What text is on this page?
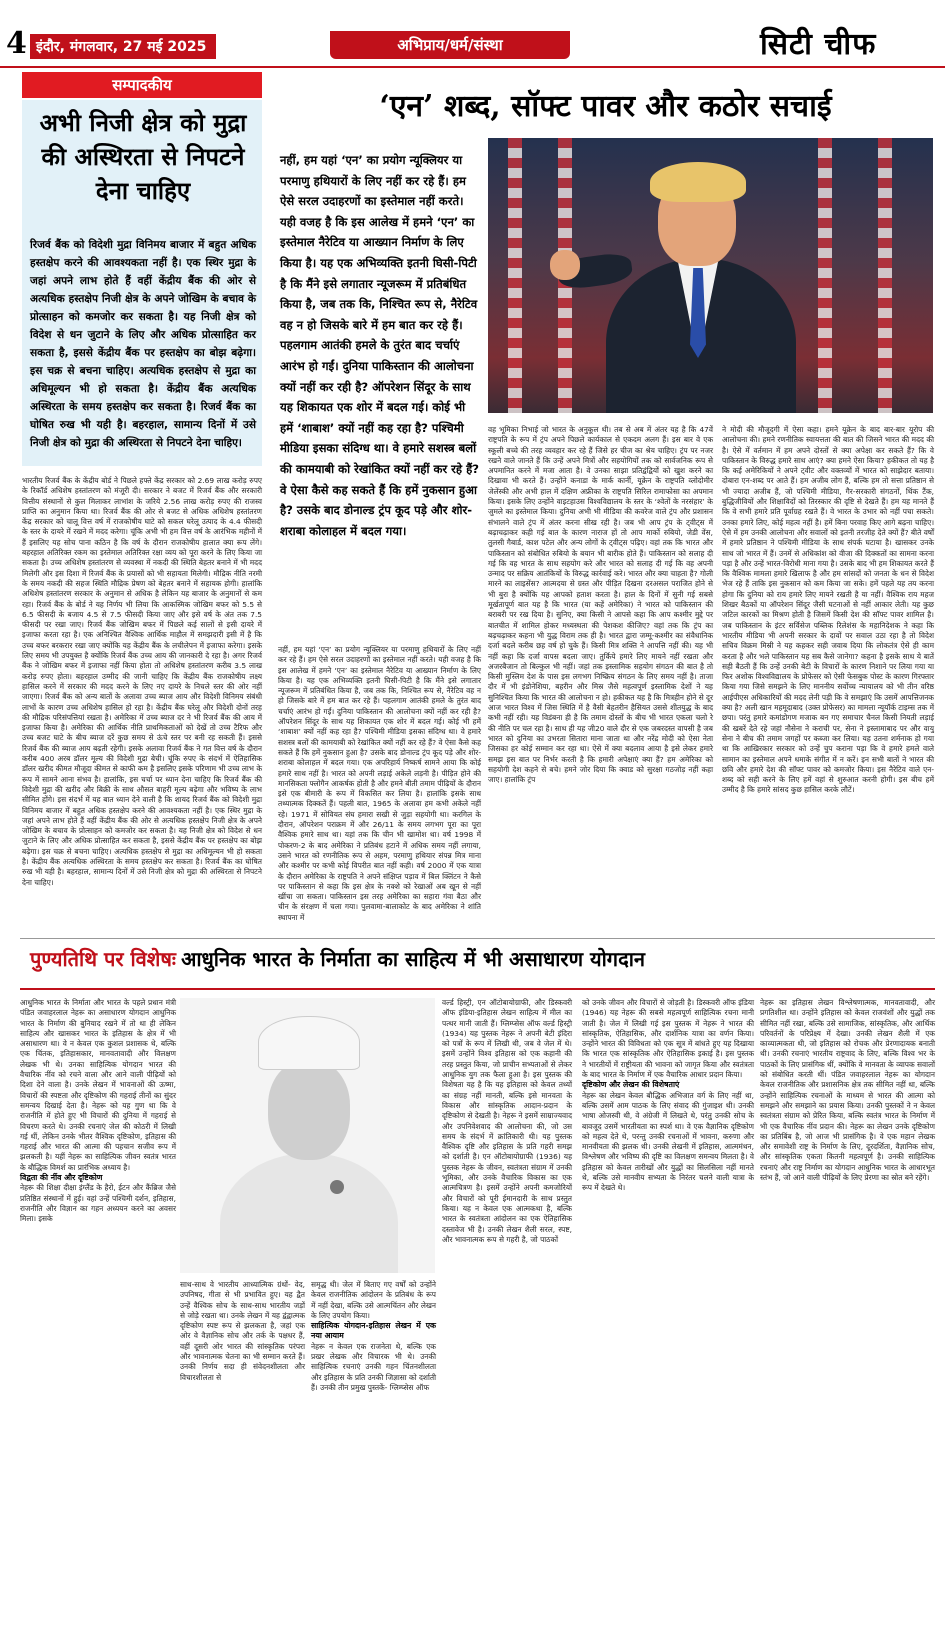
4 इंदौर, मंगलवार, 27 मई 2025	अभिप्राय/धर्म/संस्था	सिटी चीफ
सम्पादकीय
अभी निजी क्षेत्र को मुद्रा की अस्थिरता से निपटने देना चाहिए
रिजर्व बैंक को विदेशी मुद्रा विनिमय बाजार में बहुत अधिक हस्तक्षेप करने की आवश्यकता नहीं है। एक स्थिर मुद्रा के जहां अपने लाभ होते हैं वहीं केंद्रीय बैंक की ओर से अत्यधिक हस्तक्षेप निजी क्षेत्र के अपने जोखिम के बचाव के प्रोत्साहन को कमजोर कर सकता है। यह निजी क्षेत्र को विदेश से धन जुटाने के लिए और अधिक प्रोत्साहित कर सकता है, इससे केंद्रीय बैंक पर हस्तक्षेप का बोझ बढ़ेगा। इस चक्र से बचना चाहिए। अत्यधिक हस्तक्षेप से मुद्रा का अधिमूल्यन भी हो सकता है। केंद्रीय बैंक अत्यधिक अस्थिरता के समय हस्तक्षेप कर सकता है। रिजर्व बैंक का घोषित रुख भी यही है। बहरहाल, सामान्य दिनों में उसे निजी क्षेत्र को मुद्रा की अस्थिरता से निपटने देना चाहिए।
भारतीय रिजर्व बैंक के केंद्रीय बोर्ड ने पिछले हफ्ते केंद्र सरकार को 2.69 लाख करोड़ रुपए के रिकॉर्ड अधिशेष हस्तांतरण को मंजूरी दी। सरकार ने बजट में रिजर्व बैंक और सरकारी वित्तीय संस्थानों से कुल मिलाकर लाभांश के जरिये 2.56 लाख करोड़ रुपए की राजस्व प्राप्ति का अनुमान किया था। रिजर्व बैंक की ओर से बजट से अधिक अधिशेष हस्तांतरण केंद्र सरकार को चालू वित्त वर्ष में राजकोषीय घाटे को सकल घरेलू उत्पाद के 4.4 फीसदी के स्तर के दायरे में रखने में मदद करेगा। चूंकि अभी भी हम वित्त वर्ष के आरंभिक महीनों में हैं इसलिए यह सोच पाना कठिन है कि वर्ष के दौरान राजकोषीय हालात क्या रूप लेंगे। बहरहाल अतिरिक्त रकम का इस्तेमाल अतिरिक्त रक्षा व्यय को पूरा करने के लिए किया जा सकता है। उच्च अधिशेष हस्तांतरण से व्यवस्था में नकदी की स्थिति बेहतर बनाने में भी मदद मिलेगी और इस दिशा में रिजर्व बैंक के प्रयासों को भी सहायता मिलेगी। मौद्रिक नीति नरमी के समय नकदी की सहज स्थिति मौद्रिक प्रेषण को बेहतर बनाने में सहायक होगी। हालांकि अधिशेष हस्तांतरण सरकार के अनुमान से अधिक है लेकिन यह बाजार के अनुमानों से कम रहा। रिजर्व बैंक के बोर्ड ने यह निर्णय भी लिया कि आकस्मिक जोखिम बफर को 5.5 से 6.5 फीसदी के बजाय 4.5 से 7.5 फीसदी किया जाए और इसे वर्ष के अंत तक 7.5 फीसदी पर रखा जाए। रिजर्व बैंक जोखिम बफर में पिछले कई सालों से इसी दायरे में इजाफा करता रहा है। एक अनिश्चित वैश्विक आर्थिक माहौल में समझदारी इसी में है कि उच्च बफर बरकरार रखा जाए क्योंकि यह केंद्रीय बैंक के लचीलेपन में इजाफा करेगा। इसके लिए समय भी उपयुक्त है क्योंकि रिजर्व बैंक उच्च आय की जानकारी दे रहा है। अगर रिजर्व बैंक ने जोखिम बफर में इजाफा नहीं किया होता तो अधिशेष हस्तांतरण करीब 3.5 लाख करोड़ रुपए होता। बहरहाल उम्मीद की जानी चाहिए कि केंद्रीय बैंक राजकोषीय लक्ष्य हासिल करने में सरकार की मदद करने के लिए नए दायरे के निचले स्तर की ओर नहीं जाएगा। रिजर्व बैंक को अन्य बातों के अलावा उच्च ब्याज आय और विदेशी विनिमय संबंधी लाभों के कारण उच्च अधिशेष हासिल हो रहा है। केंद्रीय बैंक घरेलू और विदेशी दोनों तरह की मौद्रिक परिसंपत्तियां रखता है। अमेरिका में उच्च ब्याज दर ने भी रिजर्व बैंक की आय में इजाफा किया है। अमेरिका की आर्थिक नीति प्राथमिकताओं को देखें तो उच्च टैरिफ और उच्च बजट घाटे के बीच ब्याज दरें कुछ समय से ऊंचे स्तर पर बनी रह सकती हैं। इससे रिजर्व बैंक की ब्याज आय बढ़ती रहेगी। इसके अलावा रिजर्व बैंक ने गत वित्त वर्ष के दौरान करीब 400 अरब डॉलर मूल्य की विदेशी मुद्रा बेची। चूंकि रुपए के संदर्भ में ऐतिहासिक डॉलर खरीद कीमत मौजूदा कीमत से काफी कम है इसलिए इसके परिणाम भी उच्च लाभ के रूप में सामने आना संभव है। हालांकि, इस चर्चा पर ध्यान देना चाहिए कि रिजर्व बैंक की विदेशी मुद्रा की खरीद और बिक्री के साथ औसत बाहरी मूल्य बढ़ेगा और भविष्य के लाभ सीमित होंगे। इस संदर्भ में यह बात ध्यान देने वाली है कि शायद रिजर्व बैंक को विदेशी मुद्रा विनिमय बाजार में बहुत अधिक हस्तक्षेप करने की आवश्यकता नहीं है। एक स्थिर मुद्रा के जहां अपने लाभ होते हैं वहीं केंद्रीय बैंक की ओर से अत्यधिक हस्तक्षेप निजी क्षेत्र के अपने जोखिम के बचाव के प्रोत्साहन को कमजोर कर सकता है। यह निजी क्षेत्र को विदेश से धन जुटाने के लिए और अधिक प्रोत्साहित कर सकता है, इससे केंद्रीय बैंक पर हस्तक्षेप का बोझ बढ़ेगा। इस चक्र से बचना चाहिए। अत्यधिक हस्तक्षेप से मुद्रा का अधिमूल्यन भी हो सकता है। केंद्रीय बैंक अत्यधिक अस्थिरता के समय हस्तक्षेप कर सकता है। रिजर्व बैंक का घोषित रुख भी यही है। बहरहाल, सामान्य दिनों में उसे निजी क्षेत्र को मुद्रा की अस्थिरता से निपटने देना चाहिए।
‘एन’ शब्द, सॉफ्ट पावर और कठोर सचाई
नहीं, हम यहां ‘एन’ का प्रयोग न्यूक्लियर या परमाणु हथियारों के लिए नहीं कर रहे हैं। हम ऐसे सरल उदाहरणों का इस्तेमाल नहीं करते। यही वजह है कि इस आलेख में हमने ‘एन’ का इस्तेमाल नैरेटिव या आख्यान निर्माण के लिए किया है। यह एक अभिव्यक्ति इतनी घिसी-पिटी है कि मैंने इसे लगातार न्यूजरूम में प्रतिबंधित किया है, जब तक कि, निश्चित रूप से, नैरेटिव वह न हो जिसके बारे में हम बात कर रहे हैं। पहलगाम आतंकी हमले के तुरंत बाद चर्चाएं आरंभ हो गईं। दुनिया पाकिस्तान की आलोचना क्यों नहीं कर रही है? ऑपरेशन सिंदूर के साथ यह शिकायत एक शोर में बदल गई। कोई भी हमें ‘शाबाश’ क्यों नहीं कह रहा है? पश्चिमी मीडिया इसका संदिग्ध था। वे हमारे सशस्त्र बलों की कामयाबी को रेखांकित क्यों नहीं कर रहे हैं? वे ऐसा कैसे कह सकते हैं कि हमें नुकसान हुआ है? उसके बाद डोनाल्ड ट्रंप कूद पड़े और शोर-शराबा कोलाहल में बदल गया।
नहीं, हम यहां ‘एन’ का प्रयोग न्यूक्लियर या परमाणु हथियारों के लिए नहीं कर रहे हैं। हम ऐसे सरल उदाहरणों का इस्तेमाल नहीं करते। यही वजह है कि इस आलेख में हमने ‘एन’ का इस्तेमाल नैरेटिव या आख्यान निर्माण के लिए किया है। यह एक अभिव्यक्ति इतनी घिसी-पिटी है कि मैंने इसे लगातार न्यूजरूम में प्रतिबंधित किया है, जब तक कि, निश्चित रूप से, नैरेटिव वह न हो जिसके बारे में हम बात कर रहे हैं। पहलगाम आतंकी हमले के तुरंत बाद चर्चाएं आरंभ हो गईं। दुनिया पाकिस्तान की आलोचना क्यों नहीं कर रही है? ऑपरेशन सिंदूर के साथ यह शिकायत एक शोर में बदल गई। कोई भी हमें ‘शाबाश’ क्यों नहीं कह रहा है? पश्चिमी मीडिया इसका संदिग्ध था। वे हमारे सशस्त्र बलों की कामयाबी को रेखांकित क्यों नहीं कर रहे हैं? वे ऐसा कैसे कह सकते हैं कि हमें नुकसान हुआ है? उसके बाद डोनाल्ड ट्रंप कूद पड़े और शोर-शराबा कोलाहल में बदल गया। एक अपरिहार्य निष्कर्ष सामने आया कि कोई हमारे साथ नहीं है। भारत को अपनी लड़ाई अकेले लड़नी है। पीड़ित होने की मानसिकता फ्लोगैन आकर्षक होती है और हमने बीती तमाम पीढ़ियों के दौरान इसे एक बीमारी के रूप में विकसित कर लिया है। हालांकि इसके साथ तथ्यात्मक दिक्कतें हैं। पहली बात, 1965 के अलावा हम कभी अकेले नहीं रहे। 1971 में सोवियत संघ हमारा सखी से जुड़ा सहयोगी था। करगिल के दौरान, ऑपरेशन पराक्रम में और 26/11 के समय लगभग पूरा का पूरा वैश्विक हमारे साथ था। यहां तक कि चीन भी खामोश था। वर्ष 1998 में पोकरण-2 के बाद अमेरिका ने प्रतिबंध हटाने में अधिक समय नहीं लगाया, उसने भारत को रणनीतिक रूप से अहम, परमाणु हथियार संपन्न मित्र माना और कश्मीर पर कभी कोई विपरीत बात नहीं कही। वर्ष 2000 में एक यात्रा के दौरान अमेरिका के राष्ट्रपति ने अपने संक्षिप्त पड़ाव में बिल क्लिंटन ने कैसे पर पाकिस्तान से कहा कि इस क्षेत्र के नक्शे को रेखाओं अब खून से नहीं खींचा जा सकता। पाकिस्तान इस तरह अमेरिका का सहारा गंवा बैठा और चीन के संरक्षण में चला गया। पुलवामा-बालाकोट के बाद अमेरिका ने शांति स्थापना में
वह भूमिका निभाई जो भारत के अनुकूल थी। तब से अब में अंतर यह है कि 47वें राष्ट्रपति के रूप में ट्रंप अपने पिछले कार्यकाल से एकदम अलग हैं। इस बार वे एक स्कूली बच्चे की तरह व्यवहार कर रहे हैं जिसे हर चीज का श्रेय चाहिए। ट्रंप पर नजर रखने वाले जानते हैं कि उन्हें अपने मित्रों और सहयोगियों तक को सार्वजनिक रूप से अपमानित करने में मजा आता है। वे उनका साझा प्रतिद्वंद्वियों को खुश करने का दिखावा भी करते हैं। उन्होंने कनाडा के मार्क कार्नी, यूक्रेन के राष्ट्रपति व्लोदोमीर जेलेंस्की और अभी हाल में दक्षिण अफ्रीका के राष्ट्रपति सिरिल रामाफोसा का अपमान किया। इसके लिए उन्होंने वाइटहाउस विश्वविद्यालय के स्तर के ‘श्वेतों के नरसंहार’ के जुमले का इस्तेमाल किया। दुनिया अभी भी मीडिया की कवरेज वाले ट्रंप और प्रशासन संभालने वाले ट्रंप में अंतर करना सीख रही है। जब भी आप ट्रंप के ट्वीट्स में बढ़ाचढ़ाकर कही गई बात के कारण नाराज हों तो आप मार्को रुबियो, जेडी वेंस, तुलसी गैबार्ड, काश पटेल और अन्य लोगों के ट्वीट्स पढ़िए। वहां तक कि भारत और पाकिस्तान को संबोधित रुबियो के बयान भी बारीक होते हैं। पाकिस्तान को सलाह दी गई कि वह भारत के साथ सहयोग करे और भारत को सलाह दी गई कि वह अपनी उन्माद पर सक्रिय आतंकियों के विरुद्ध कार्रवाई करे। भारत और क्या चाहता है? गोली मारने का लाइसेंस? आत्मदया से ग्रस्त और पीड़ित दिखना दरअसल पराजित होने से भी बुरा है क्योंकि यह आपको हताश करता है। हाल के दिनों में सुनी गई सबसे मूर्खतापूर्ण बात यह है कि भारत (या कहें अमेरिका) ने भारत को पाकिस्तान की बराबरी पर रख दिया है। सुनिए, क्या किसी ने आपसे कहा कि आप कश्मीर मुद्दे पर बातचीत में शामिल होकर मध्यस्थता की पेशकश कीजिए? वहां तक कि ट्रंप का बढ़चढ़ाकर कहना भी युद्ध विराम तक ही है। भारत द्वारा जम्मू-कश्मीर का संवैधानिक दर्जा बदले करीब छह वर्ष हो चुके हैं। किसी मित्र शक्ति ने आपत्ति नहीं की। यह भी नहीं कहा कि दर्जा वापस बदला जाए। तुर्किये हमारे लिए मायने नहीं रखता और अजरबैजान तो बिल्कुल भी नहीं। जहां तक इस्लामिक सहयोग संगठन की बात है तो किसी मुस्लिम देश के पास इस लगभग निष्क्रिय संगठन के लिए समय नहीं है। ताजा दौर में भी इंडोनेशिया, बहरीन और मिस्र जैसे महत्वपूर्ण इस्लामिक देशों ने यह सुनिश्चित किया कि भारत की आलोचना न हो। हकीकत यह है कि मित्रहीन होने से दूर आज भारत विश्व में जिस स्थिति में है वैसी बेहतरीन हैसियत उससे शीतयुद्ध के बाद कभी नहीं रही। यह विडंबना ही है कि तमाम दोस्तों के बीच भी भारत एकला चलो रे की नीति पर चल रहा है। साथ ही यह जी20 वाले दौर से एक जबरदस्त वापसी है जब भारत को दुनिया का उभरता सितारा माना जाता था और नरेंद्र मोदी को ऐसा नेता जिसका हर कोई सम्मान कर रहा था। ऐसे में क्या बदलाव आया है इसे लेकर हमारे समझ इस बात पर निर्भर करती है कि हमारी अपेक्षाएं क्या हैं? हम अमेरिका को सहयोगी देश कहने से बचे। हमने जोर दिया कि क्वाड को सुरक्षा गठजोड़ नहीं कहा जाए। हालांकि ट्रंप
ने मोदी की मौजूदगी में ऐसा कहा। हमने यूक्रेन के बाद बार-बार यूरोप की आलोचना की। हमने रणनीतिक स्वायत्तता की बात की जिसने भारत की मदद की है। ऐसे में वर्तमान में हम अपने दोस्तों से क्या अपेक्षा कर सकते हैं? कि वे पाकिस्तान के विरुद्ध हमारे साथ आएं? क्या हमने ऐसा किया? हकीकत तो यह है कि कई अमेरिकियों ने अपने ट्वीट और वक्तव्यों में भारत को साझेदार बताया। दोबारा एन-शब्द पर आते हैं। हम अजीब लोग हैं, बल्कि हम तो सत्ता प्रतिष्ठान से भी ज्यादा अजीब हैं, जो पश्चिमी मीडिया, गैर-सरकारी संगठनों, थिंक टैंक, बुद्धिजीवियों और शिक्षाविदों को तिरस्कार की दृष्टि से देखते हैं। हम यह मानते हैं कि वे सभी हमारे प्रति पूर्वाग्रह रखते हैं। वे भारत के उभार को नहीं पचा सकते। उनका हमारे लिए, कोई महत्व नहीं है। हमें बिना परवाह किए आगे बढ़ना चाहिए। ऐसे में हम उनकी आलोचना और सवालों को इतनी तरजीह देते क्यों हैं? बीते वर्षों में हमारे प्रतिष्ठान ने पश्चिमी मीडिया के साथ संपर्क घटाया है। खासकर उनके साथ जो भारत में हैं। उनमें से अधिकांश को वीजा की दिक्कतों का सामना करना पड़ा है और उन्हें भारत-विरोधी माना गया है। उसके बाद भी हम शिकायत करते हैं कि वैश्विक मामला हमारे खिलाफ है और हम सांसदों को जनता के धन से विदेश भेज रहे हैं ताकि इस नुकसान को कम किया जा सके। हमें पहले यह तय करना होगा कि दुनिया को राय हमारे लिए मायने रखती है या नहीं। वैश्विक राय महज शिखर बैठकों या ऑपरेशन सिंदूर जैसी घटनाओं से नहीं आकार लेती। यह कुछ जटिल कारकों का मिश्रण होती है जिसमें किसी देश की सॉफ्ट पावर शामिल है। जब पाकिस्तान के इंटर सर्विसेज पब्लिक रिलेशंस के महानिदेशक ने कहा कि भारतीय मीडिया भी अपनी सरकार के दावों पर सवाल उठा रहा है तो विदेश सचिव विक्रम मिस्री ने यह कहकर सही जवाब दिया कि लोकतंत्र ऐसे ही काम करता है और भले पाकिस्तान यह सब कैसे जानेगा? कहना है इसके साथ ये बातें सही बैठती हैं कि उन्हें उनकी बेटी के विचारों के कारण निशाने पर लिया गया या फिर अशोक विश्वविद्यालय के प्रोफेसर को ऐसी फेसबुक पोस्ट के कारण गिरफ्तार किया गया जिसे समझने के लिए माननीय सर्वोच्च न्यायालय को भी तीन वरिष्ठ आईपीएस अधिकारियों की मदद लेनी पड़ी कि वे समझाएं कि उसमें आपत्तिजनक क्या है? अली खान महमूदाबाद (उक्त प्रोफेसर) का मामला न्यूयॉर्क टाइम्स तक में छपा। परंतु हमारे कमांडोगण मजाक बन गए समाचार चैनल किसी नियती लड़ाई की खबरें देते रहे जहां नौसेना ने कराची पर, सेना ने इस्लामाबाद पर और वायु सेना ने बीच की तमाम जगहों पर कब्जा कर लिया। यह उतना शर्मनाक हो गया था कि आखिरकार सरकार को उन्हें चुप कराना पड़ा कि वे हमारे हमले वाले सामान का इस्तेमाल अपने धमाके संगीत में न करें। इन सभी बातों ने भारत की छवि और हमारे देश की सॉफ्ट पावर को कमजोर किया। इस नैरेटिव वाले एन-शब्द को सही करने के लिए हमें वहां से शुरुआत करनी होगी। इस बीच हमें उम्मीद है कि हमारे सांसद कुछ हासिल करके लौटें।
पुण्यतिथि पर विशेषः आधुनिक भारत के निर्माता का साहित्य में भी असाधारण योगदान
आधुनिक भारत के निर्माता और भारत के पहले प्रधान मंत्री पंडित जवाहरलाल नेहरू का असाधारण योगदान आधुनिक भारत के निर्माण की बुनियाद रखने में तो था ही लेकिन साहित्य और खासकर भारत के इतिहास के क्षेत्र में भी असाधारण था। वे न केवल एक कुशल प्रशासक थे, बल्कि एक चिंतक, इतिहासकार, मानवतावादी और विलक्षण लेखक भी थे। उनका साहित्यिक योगदान भारत की वैचारिक नींव को रचने वाला और आने वाली पीढ़ियों को दिशा देने वाला है। उनके लेखन में भावनाओं की ऊष्मा, विचारों की स्पष्टता और दृष्टिकोण की गहराई तीनों का सुंदर समन्वय दिखाई देता है। नेहरू को यह गुण था कि वे राजनीति में होते हुए भी विचारों की दुनिया में गहराई से विचरण करते थे। उनकी रचनाएं जेल की कोठरी में लिखी गई थीं, लेकिन उनके भीतर वैश्विक दृष्टिकोण, इतिहास की गहराई और भारत की आत्मा की पहचान सजीव रूप में झलकती है। यहीं नेहरू का साहित्यिक जीवन स्वतंत्र भारत के बौद्धिक विमर्श का प्रारंभिक अध्याय है।
विद्वता की नींव और दृष्टिकोण
नेहरू की शिक्षा दीक्षा इंग्लैंड के हैरो, ईटन और कैंब्रिज जैसे प्रतिष्ठित संस्थानों में हुई। वहां उन्हें पश्चिमी दर्शन, इतिहास, राजनीति और विज्ञान का गहन अध्ययन करने का अवसर मिला। इसके
साथ-साथ वे भारतीय आध्यात्मिक ग्रंथों- वेद, उपनिषद, गीता से भी प्रभावित हुए। यह द्वैत उन्हें वैश्विक सोच के साथ-साथ भारतीय जड़ों से जोड़े रखता था। उनके लेखन में यह द्वंद्वात्मक दृष्टिकोण स्पष्ट रूप से झलकता है, जहां एक ओर वे वैज्ञानिक सोच और तर्क के पक्षधर हैं, वहीं दूसरी ओर भारत की सांस्कृतिक परंपरा और भावनात्मक चेतना का भी सम्मान करते हैं। उनकी निर्णय सदा ही संवेदनशीलता और विचारशीलता से
समृद्ध थी। जेल में बिताए गए वर्षों को उन्होंने केवल राजनीतिक आंदोलन के प्रतिबंध के रूप में नहीं देखा, बल्कि उसे आत्मचिंतन और लेखन के लिए उपयोग किया।
साहित्यिक योगदान-इतिहास लेखन में एक नया आयाम
नेहरू न केवल एक राजनेता थे, बल्कि एक प्रखर लेखक और विचारक भी थे। उनकी साहित्यिक रचनाएं उनकी गहन चिंतनशीलता और इतिहास के प्रति उनकी जिज्ञासा को दर्शाती हैं। उनकी तीन प्रमुख पुस्तकें- ग्लिम्प्सेस ऑफ
वर्ल्ड हिस्ट्री, एन ऑटोबायोग्राफी, और डिस्कवरी ऑफ इंडिया-इतिहास लेखन साहित्य में मील का पत्थर मानी जाती हैं। ग्लिम्प्सेस ऑफ वर्ल्ड हिस्ट्री (1934) यह पुस्तक नेहरू ने अपनी बेटी इंदिरा को पत्रों के रूप में लिखी थी, जब वे जेल में थे। इसमें उन्होंने विश्व इतिहास को एक कहानी की तरह प्रस्तुत किया, जो प्राचीन सभ्यताओं से लेकर आधुनिक युग तक फैला हुआ है। इस पुस्तक की विशेषता यह है कि यह इतिहास को केवल तथ्यों का संग्रह नहीं मानती, बल्कि इसे मानवता के विकास और सांस्कृतिक आदान-प्रदान के दृष्टिकोण से देखती है। नेहरू ने इसमें साम्राज्यवाद और उपनिवेशवाद की आलोचना की, जो उस समय के संदर्भ में क्रांतिकारी थी। यह पुस्तक वैश्विक दृष्टि और इतिहास के प्रति गहरी समझ को दर्शाती है। एन ऑटोबायोग्राफी (1936) यह पुस्तक नेहरू के जीवन, स्वतंत्रता संग्राम में उनकी भूमिका, और उनके वैचारिक विकास का एक आत्मचित्रण है। इसमें उन्होंने अपनी कमजोरियों और विचारों को पूरी ईमानदारी के साथ प्रस्तुत किया। यह न केवल एक आत्मकथा है, बल्कि भारत के स्वतंत्रता आंदोलन का एक ऐतिहासिक दस्तावेज भी है। उनकी लेखन शैली सरल, स्पष्ट, और भावनात्मक रूप से गहरी है, जो पाठकों
को उनके जीवन और विचारों से जोड़ती है। डिस्कवरी ऑफ इंडिया (1946) यह नेहरू की सबसे महत्वपूर्ण साहित्यिक रचना मानी जाती है। जेल में लिखी गई इस पुस्तक में नेहरू ने भारत की सांस्कृतिक, ऐतिहासिक, और दार्शनिक यात्रा का वर्णन किया। उन्होंने भारत की विविधता को एक सूत्र में बांधते हुए यह दिखाया कि भारत एक सांस्कृतिक और ऐतिहासिक इकाई है। इस पुस्तक ने भारतीयों में राष्ट्रीयता की भावना को जागृत किया और स्वतंत्रता के बाद भारत के निर्माण में एक वैचारिक आधार प्रदान किया।
दृष्टिकोण और लेखन की विशेषताएं
नेहरू का लेखन केवल बौद्धिक अभिजात वर्ग के लिए नहीं था, बल्कि उसमें आम पाठक के लिए संवाद की गुंजाइश थी। उनकी भाषा ओजस्वी थी, वे अंग्रेजी में लिखते थे, परंतु उनकी सोच के बावजूद उसमें भारतीयता का स्पर्श था। वे एक वैज्ञानिक दृष्टिकोण को महत्व देते थे, परन्तु उनकी रचनाओं में भावना, करुणा और मानवीयता की झलक थी। उनकी लेखनी में इतिहास, आत्ममंथन, विश्लेषण और भविष्य की दृष्टि का विलक्षण समन्वय मिलता है। वे इतिहास को केवल तारीखों और युद्धों का सिलसिला नहीं मानते थे, बल्कि उसे मानवीय सभ्यता के निरंतर चलने वाली यात्रा के रूप में देखते थे।
नेहरू का इतिहास लेखन विश्लेषणात्मक, मानवतावादी, और प्रगतिशील था। उन्होंने इतिहास को केवल राजवंशों और युद्धों तक सीमित नहीं रखा, बल्कि उसे सामाजिक, सांस्कृतिक, और आर्थिक परिवर्तनों के परिप्रेक्ष्य में देखा। उनकी लेखन शैली में एक काव्यात्मकता थी, जो इतिहास को रोचक और प्रेरणादायक बनाती थी। उनकी रचनाएं भारतीय राष्ट्रवाद के लिए, बल्कि विश्व भर के पाठकों के लिए प्रासंगिक थीं, क्योंकि वे मानवता के व्यापक सवालों को संबोधित करती थीं। पंडित जवाहरलाल नेहरू का योगदान केवल राजनीतिक और प्रशासनिक क्षेत्र तक सीमित नहीं था, बल्कि उन्होंने साहित्यिक रचनाओं के माध्यम से भारत की आत्मा को समझने और समझाने का प्रयास किया। उनकी पुस्तकों ने न केवल स्वतंत्रता संग्राम को प्रेरित किया, बल्कि स्वतंत्र भारत के निर्माण में भी एक वैचारिक नींव प्रदान की। नेहरू का लेखन उनके दृष्टिकोण का प्रतिबिंब है, जो आज भी प्रासंगिक है। वे एक महान लेखक और समावेशी राष्ट्र के निर्माण के लिए, दूरदर्शिता, वैज्ञानिक सोच, और सांस्कृतिक एकता कितनी महत्वपूर्ण है। उनकी साहित्यिक रचनाएं और राष्ट्र निर्माण का योगदान आधुनिक भारत के आधारभूत स्तंभ हैं, जो आने वाली पीढ़ियों के लिए प्रेरणा का स्रोत बने रहेंगे।
